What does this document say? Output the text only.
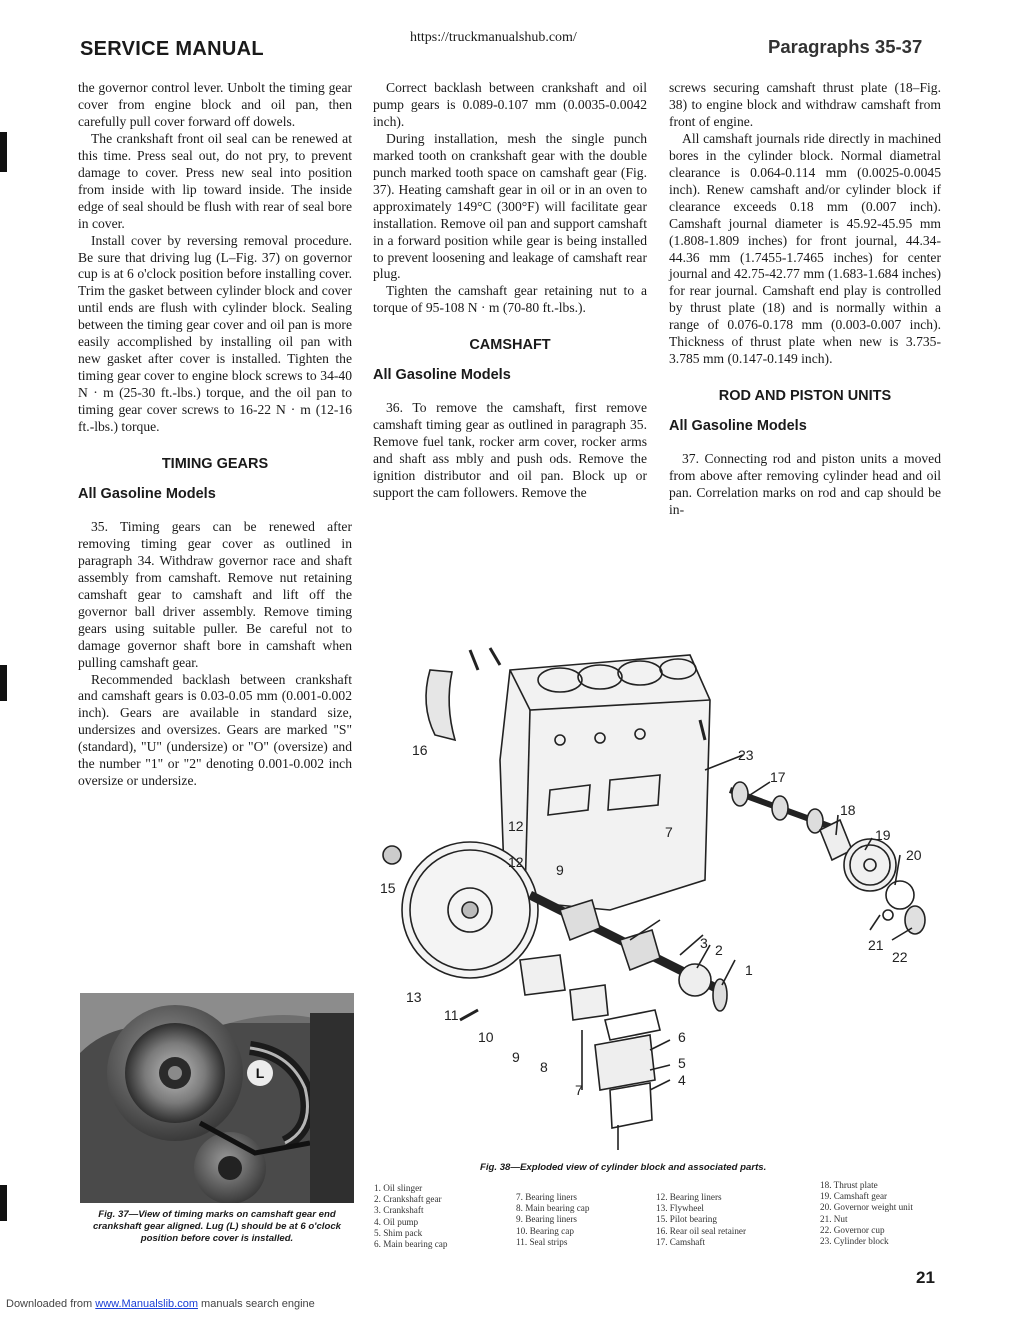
SERVICE MANUAL
https://truckmanualshub.com/	Paragraphs 35-37

the governor control lever. Unbolt the timing gear cover from engine block and oil pan, then carefully pull cover forward off dowels.

The crankshaft front oil seal can be renewed at this time. Press seal out, do not pry, to prevent damage to cover. Press new seal into position from inside with lip toward inside. The inside edge of seal should be flush with rear of seal bore in cover.

Install cover by reversing removal procedure. Be sure that driving lug (L–Fig. 37) on governor cup is at 6 o'clock position before installing cover. Trim the gasket between cylinder block and cover until ends are flush with cylinder block. Sealing between the timing gear cover and oil pan is more easily accomplished by installing oil pan with new gasket after cover is installed. Tighten the timing gear cover to engine block screws to 34-40 N · m (25-30 ft.-lbs.) torque, and the oil pan to timing gear cover screws to 16-22 N · m (12-16 ft.-lbs.) torque.

TIMING GEARS
All Gasoline Models

35. Timing gears can be renewed after removing timing gear cover as outlined in paragraph 34. Withdraw governor race and shaft assembly from camshaft. Remove nut retaining camshaft gear to camshaft and lift off the governor ball driver assembly. Remove timing gears using suitable puller. Be careful not to damage governor shaft bore in camshaft when pulling camshaft gear.

Recommended backlash between crankshaft and camshaft gears is 0.03-0.05 mm (0.001-0.002 inch). Gears are available in standard size, undersizes and oversizes. Gears are marked "S" (standard), "U" (undersize) or "O" (oversize) and the number "1" or "2" denoting 0.001-0.002 inch oversize or undersize.

Correct backlash between crankshaft and oil pump gears is 0.089-0.107 mm (0.0035-0.0042 inch).

During installation, mesh the single punch marked tooth on crankshaft gear with the double punch marked tooth space on camshaft gear (Fig. 37). Heating camshaft gear in oil or in an oven to approximately 149°C (300°F) will facilitate gear installation. Remove oil pan and support camshaft in a forward position while gear is being installed to prevent loosening and leakage of camshaft rear plug.

Tighten the camshaft gear retaining nut to a torque of 95-108 N · m (70-80 ft.-lbs.).

CAMSHAFT
All Gasoline Models

36. To remove the camshaft, first remove camshaft timing gear as outlined in paragraph 35. Remove fuel tank, rocker arm cover, rocker arms and shaft ass mbly and push ods. Remove the ignition distributor and oil pan. Block up or support the cam followers. Remove the

screws securing camshaft thrust plate (18–Fig. 38) to engine block and withdraw camshaft from front of engine.

All camshaft journals ride directly in machined bores in the cylinder block. Normal diametral clearance is 0.064-0.114 mm (0.0025-0.0045 inch). Renew camshaft and/or cylinder block if clearance exceeds 0.18 mm (0.007 inch). Camshaft journal diameter is 45.92-45.95 mm (1.808-1.809 inches) for front journal, 44.34-44.36 mm (1.7455-1.7465 inches) for center journal and 42.75-42.77 mm (1.683-1.684 inches) for rear journal. Camshaft end play is controlled by thrust plate (18) and is normally within a range of 0.076-0.178 mm (0.003-0.007 inch). Thickness of thrust plate when new is 3.735-3.785 mm (0.147-0.149 inch).

ROD AND PISTON UNITS
All Gasoline Models

37. Connecting rod and piston units a moved from above after removing cylinder head and oil pan. Correlation marks on rod and cap should be in-

L
Fig. 37—View of timing marks on camshaft gear end crankshaft gear aligned. Lug (L) should be at 6 o'clock position before cover is installed.
1
2
3
4
5
6
7
7
8
9
9
10
11
12
12
13
15
16
17
18
19
20
21
22
23
Fig. 38—Exploded view of cylinder block and associated parts.
1. Oil slinger
2. Crankshaft gear
3. Crankshaft
4. Oil pump
5. Shim pack
6. Main bearing cap
7. Bearing liners
8. Main bearing cap
9. Bearing liners
10. Bearing cap
11. Seal strips
12. Bearing liners
13. Flywheel
15. Pilot bearing
16. Rear oil seal retainer
17. Camshaft
18. Thrust plate
19. Camshaft gear
20. Governor weight unit
21. Nut
22. Governor cup
23. Cylinder block
21
Downloaded from www.Manualslib.com manuals search engine
